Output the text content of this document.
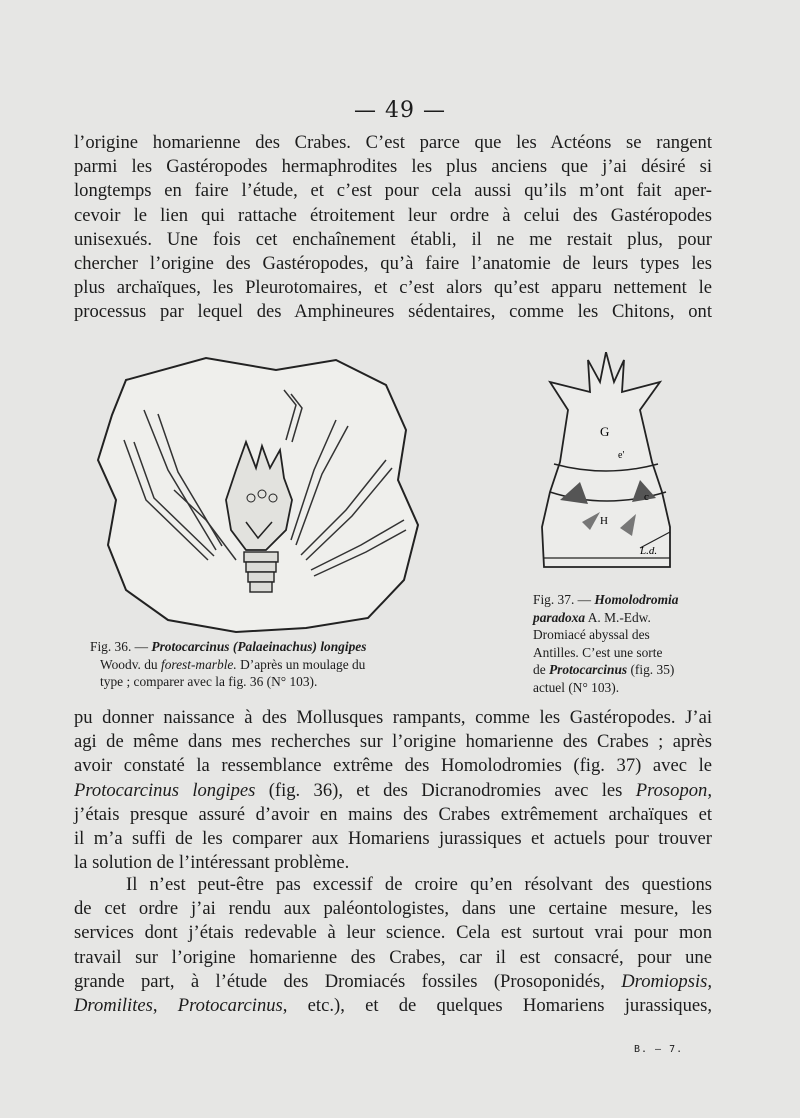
— 49 —
l’origine homarienne des Crabes. C’est parce que les Actéons se rangent
parmi les Gastéropodes hermaphrodites les plus anciens que j’ai désiré si
longtemps en faire l’étude, et c’est pour cela aussi qu’ils m’ont fait aper-
cevoir le lien qui rattache étroitement leur ordre à celui des Gastéropodes
unisexués. Une fois cet enchaînement établi, il ne me restait plus, pour
chercher l’origine des Gastéropodes, qu’à faire l’anatomie de leurs types les
plus archaïques, les Pleurotomaires, et c’est alors qu’est apparu nettement le
processus par lequel des Amphineures sédentaires, comme les Chitons, ont
Fig. 36. — Protocarcinus (Palaeinachus) longipes
Woodv. du forest-marble. D’après un moulage du
type ; comparer avec la fig. 36 (N° 103).
G
e'
c
H
L.d.
Fig. 37. — Homolodromia
paradoxa A. M.-Edw.
Dromiacé abyssal des
Antilles. C’est une sorte
de Protocarcinus (fig. 35)
actuel (N° 103).
pu donner naissance à des Mollusques rampants, comme les Gastéropodes. J’ai
agi de même dans mes recherches sur l’origine homarienne des Crabes ; après
avoir constaté la ressemblance extrême des Homolodromies (fig. 37) avec le
Protocarcinus longipes (fig. 36), et des Dicranodromies avec les Prosopon,
j’étais presque assuré d’avoir en mains des Crabes extrêmement archaïques et
il m’a suffi de les comparer aux Homariens jurassiques et actuels pour trouver
la solution de l’intéressant problème.
Il n’est peut-être pas excessif de croire qu’en résolvant des questions
de cet ordre j’ai rendu aux paléontologistes, dans une certaine mesure, les
services dont j’étais redevable à leur science. Cela est surtout vrai pour mon
travail sur l’origine homarienne des Crabes, car il est consacré, pour une
grande part, à l’étude des Dromiacés fossiles (Prosoponidés, Dromiopsis,
Dromilites, Protocarcinus, etc.), et de quelques Homariens jurassiques,
B. — 7.
